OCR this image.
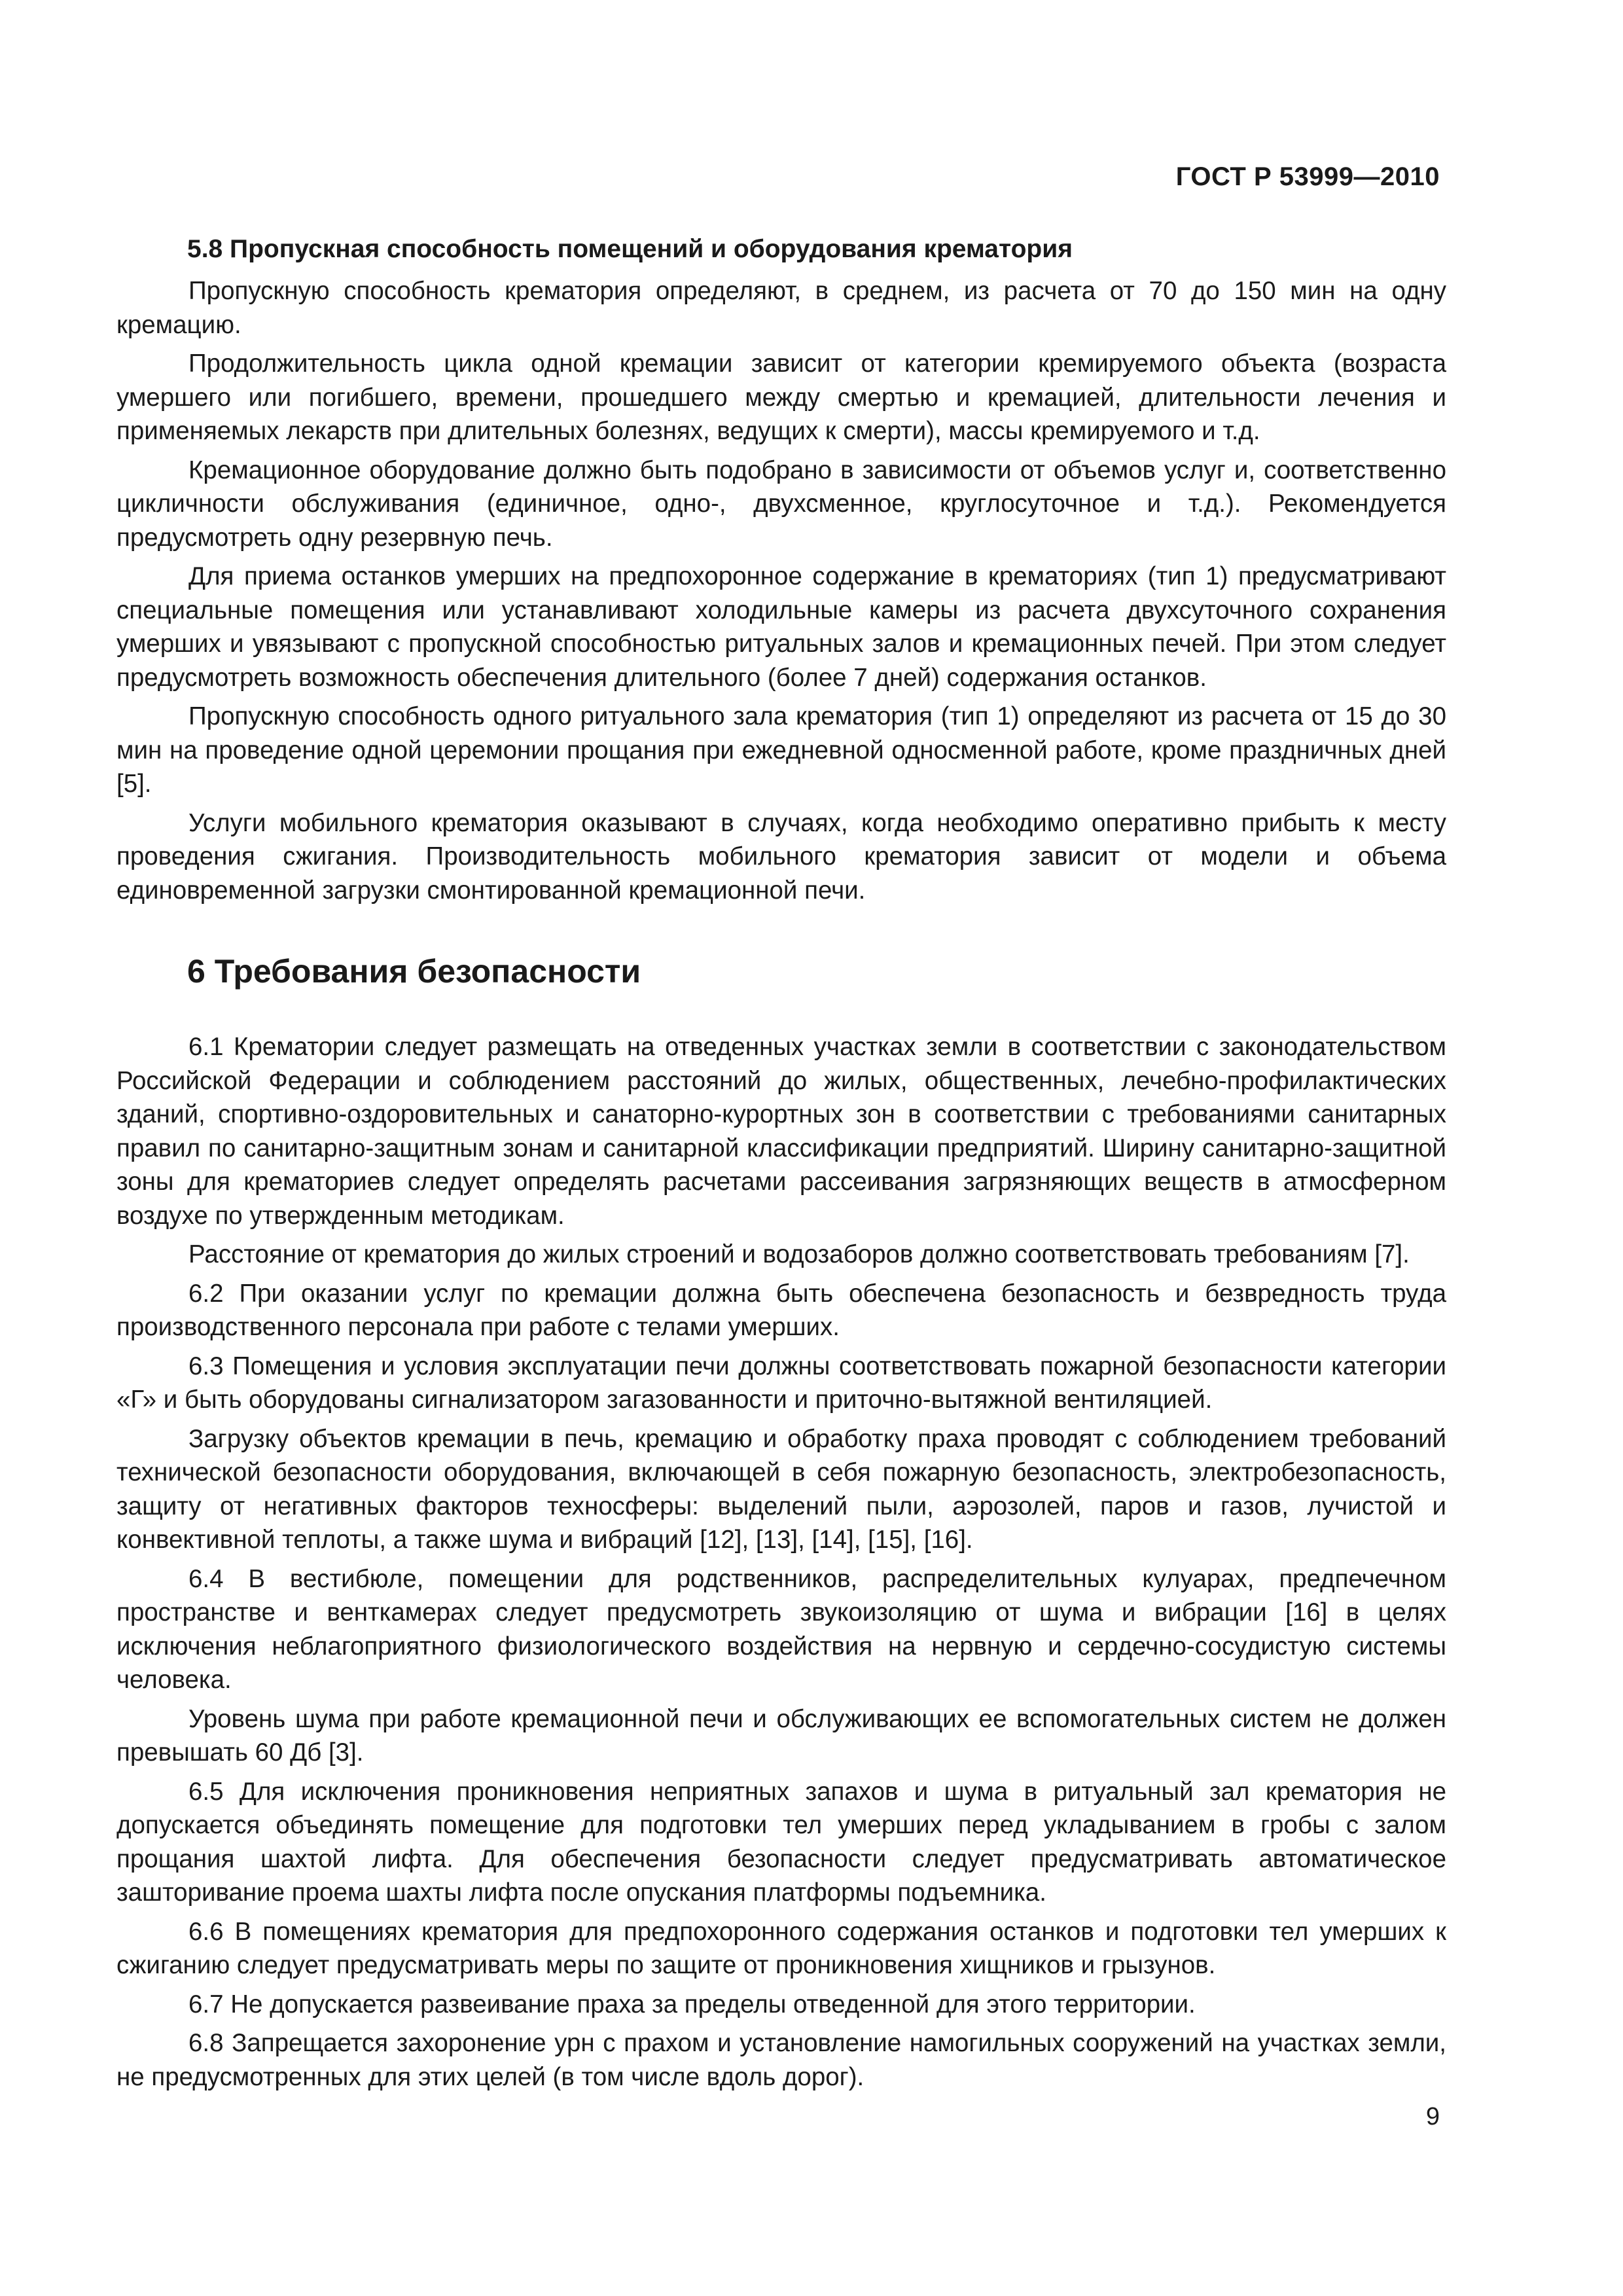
ГОСТ Р 53999—2010
5.8 Пропускная способность помещений и оборудования крематория

Пропускную способность крематория определяют, в среднем, из расчета от 70 до 150 мин на одну кремацию.

Продолжительность цикла одной кремации зависит от категории кремируемого объекта (возраста умершего или погибшего, времени, прошедшего между смертью и кремацией, длительности лечения и применяемых лекарств при длительных болезнях, ведущих к смерти), массы кремируемого и т.д.

Кремационное оборудование должно быть подобрано в зависимости от объемов услуг и, соответственно цикличности обслуживания (единичное, одно-, двухсменное, круглосуточное и т.д.). Рекомендуется предусмотреть одну резервную печь.

Для приема останков умерших на предпохоронное содержание в крематориях (тип 1) предусматривают специальные помещения или устанавливают холодильные камеры из расчета двухсуточного сохранения умерших и увязывают с пропускной способностью ритуальных залов и кремационных печей. При этом следует предусмотреть возможность обеспечения длительного (более 7 дней) содержания останков.

Пропускную способность одного ритуального зала крематория (тип 1) определяют из расчета от 15 до 30 мин на проведение одной церемонии прощания при ежедневной односменной работе, кроме праздничных дней [5].

Услуги мобильного крематория оказывают в случаях, когда необходимо оперативно прибыть к месту проведения сжигания. Производительность мобильного крематория зависит от модели и объема единовременной загрузки смонтированной кремационной печи.

6 Требования безопасности

6.1 Крематории следует размещать на отведенных участках земли в соответствии с законодательством Российской Федерации и соблюдением расстояний до жилых, общественных, лечебно-профилактических зданий, спортивно-оздоровительных и санаторно-курортных зон в соответствии с требованиями санитарных правил по санитарно-защитным зонам и санитарной классификации предприятий. Ширину санитарно-защитной зоны для крематориев следует определять расчетами рассеивания загрязняющих веществ в атмосферном воздухе по утвержденным методикам.

Расстояние от крематория до жилых строений и водозаборов должно соответствовать требованиям [7].

6.2 При оказании услуг по кремации должна быть обеспечена безопасность и безвредность труда производственного персонала при работе с телами умерших.

6.3 Помещения и условия эксплуатации печи должны соответствовать пожарной безопасности категории «Г» и быть оборудованы сигнализатором загазованности и приточно-вытяжной вентиляцией.

Загрузку объектов кремации в печь, кремацию и обработку праха проводят с соблюдением требований технической безопасности оборудования, включающей в себя пожарную безопасность, электробезопасность, защиту от негативных факторов техносферы: выделений пыли, аэрозолей, паров и газов, лучистой и конвективной теплоты, а также шума и вибраций [12], [13], [14], [15], [16].

6.4 В вестибюле, помещении для родственников, распределительных кулуарах, предпечечном пространстве и венткамерах следует предусмотреть звукоизоляцию от шума и вибрации [16] в целях исключения неблагоприятного физиологического воздействия на нервную и сердечно-сосудистую системы человека.

Уровень шума при работе кремационной печи и обслуживающих ее вспомогательных систем не должен превышать 60 Дб [3].

6.5 Для исключения проникновения неприятных запахов и шума в ритуальный зал крематория не допускается объединять помещение для подготовки тел умерших перед укладыванием в гробы с залом прощания шахтой лифта. Для обеспечения безопасности следует предусматривать автоматическое зашторивание проема шахты лифта после опускания платформы подъемника.

6.6 В помещениях крематория для предпохоронного содержания останков и подготовки тел умерших к сжиганию следует предусматривать меры по защите от проникновения хищников и грызунов.

6.7 Не допускается развеивание праха за пределы отведенной для этого территории.

6.8 Запрещается захоронение урн с прахом и установление намогильных сооружений на участках земли, не предусмотренных для этих целей (в том числе вдоль дорог).

9
